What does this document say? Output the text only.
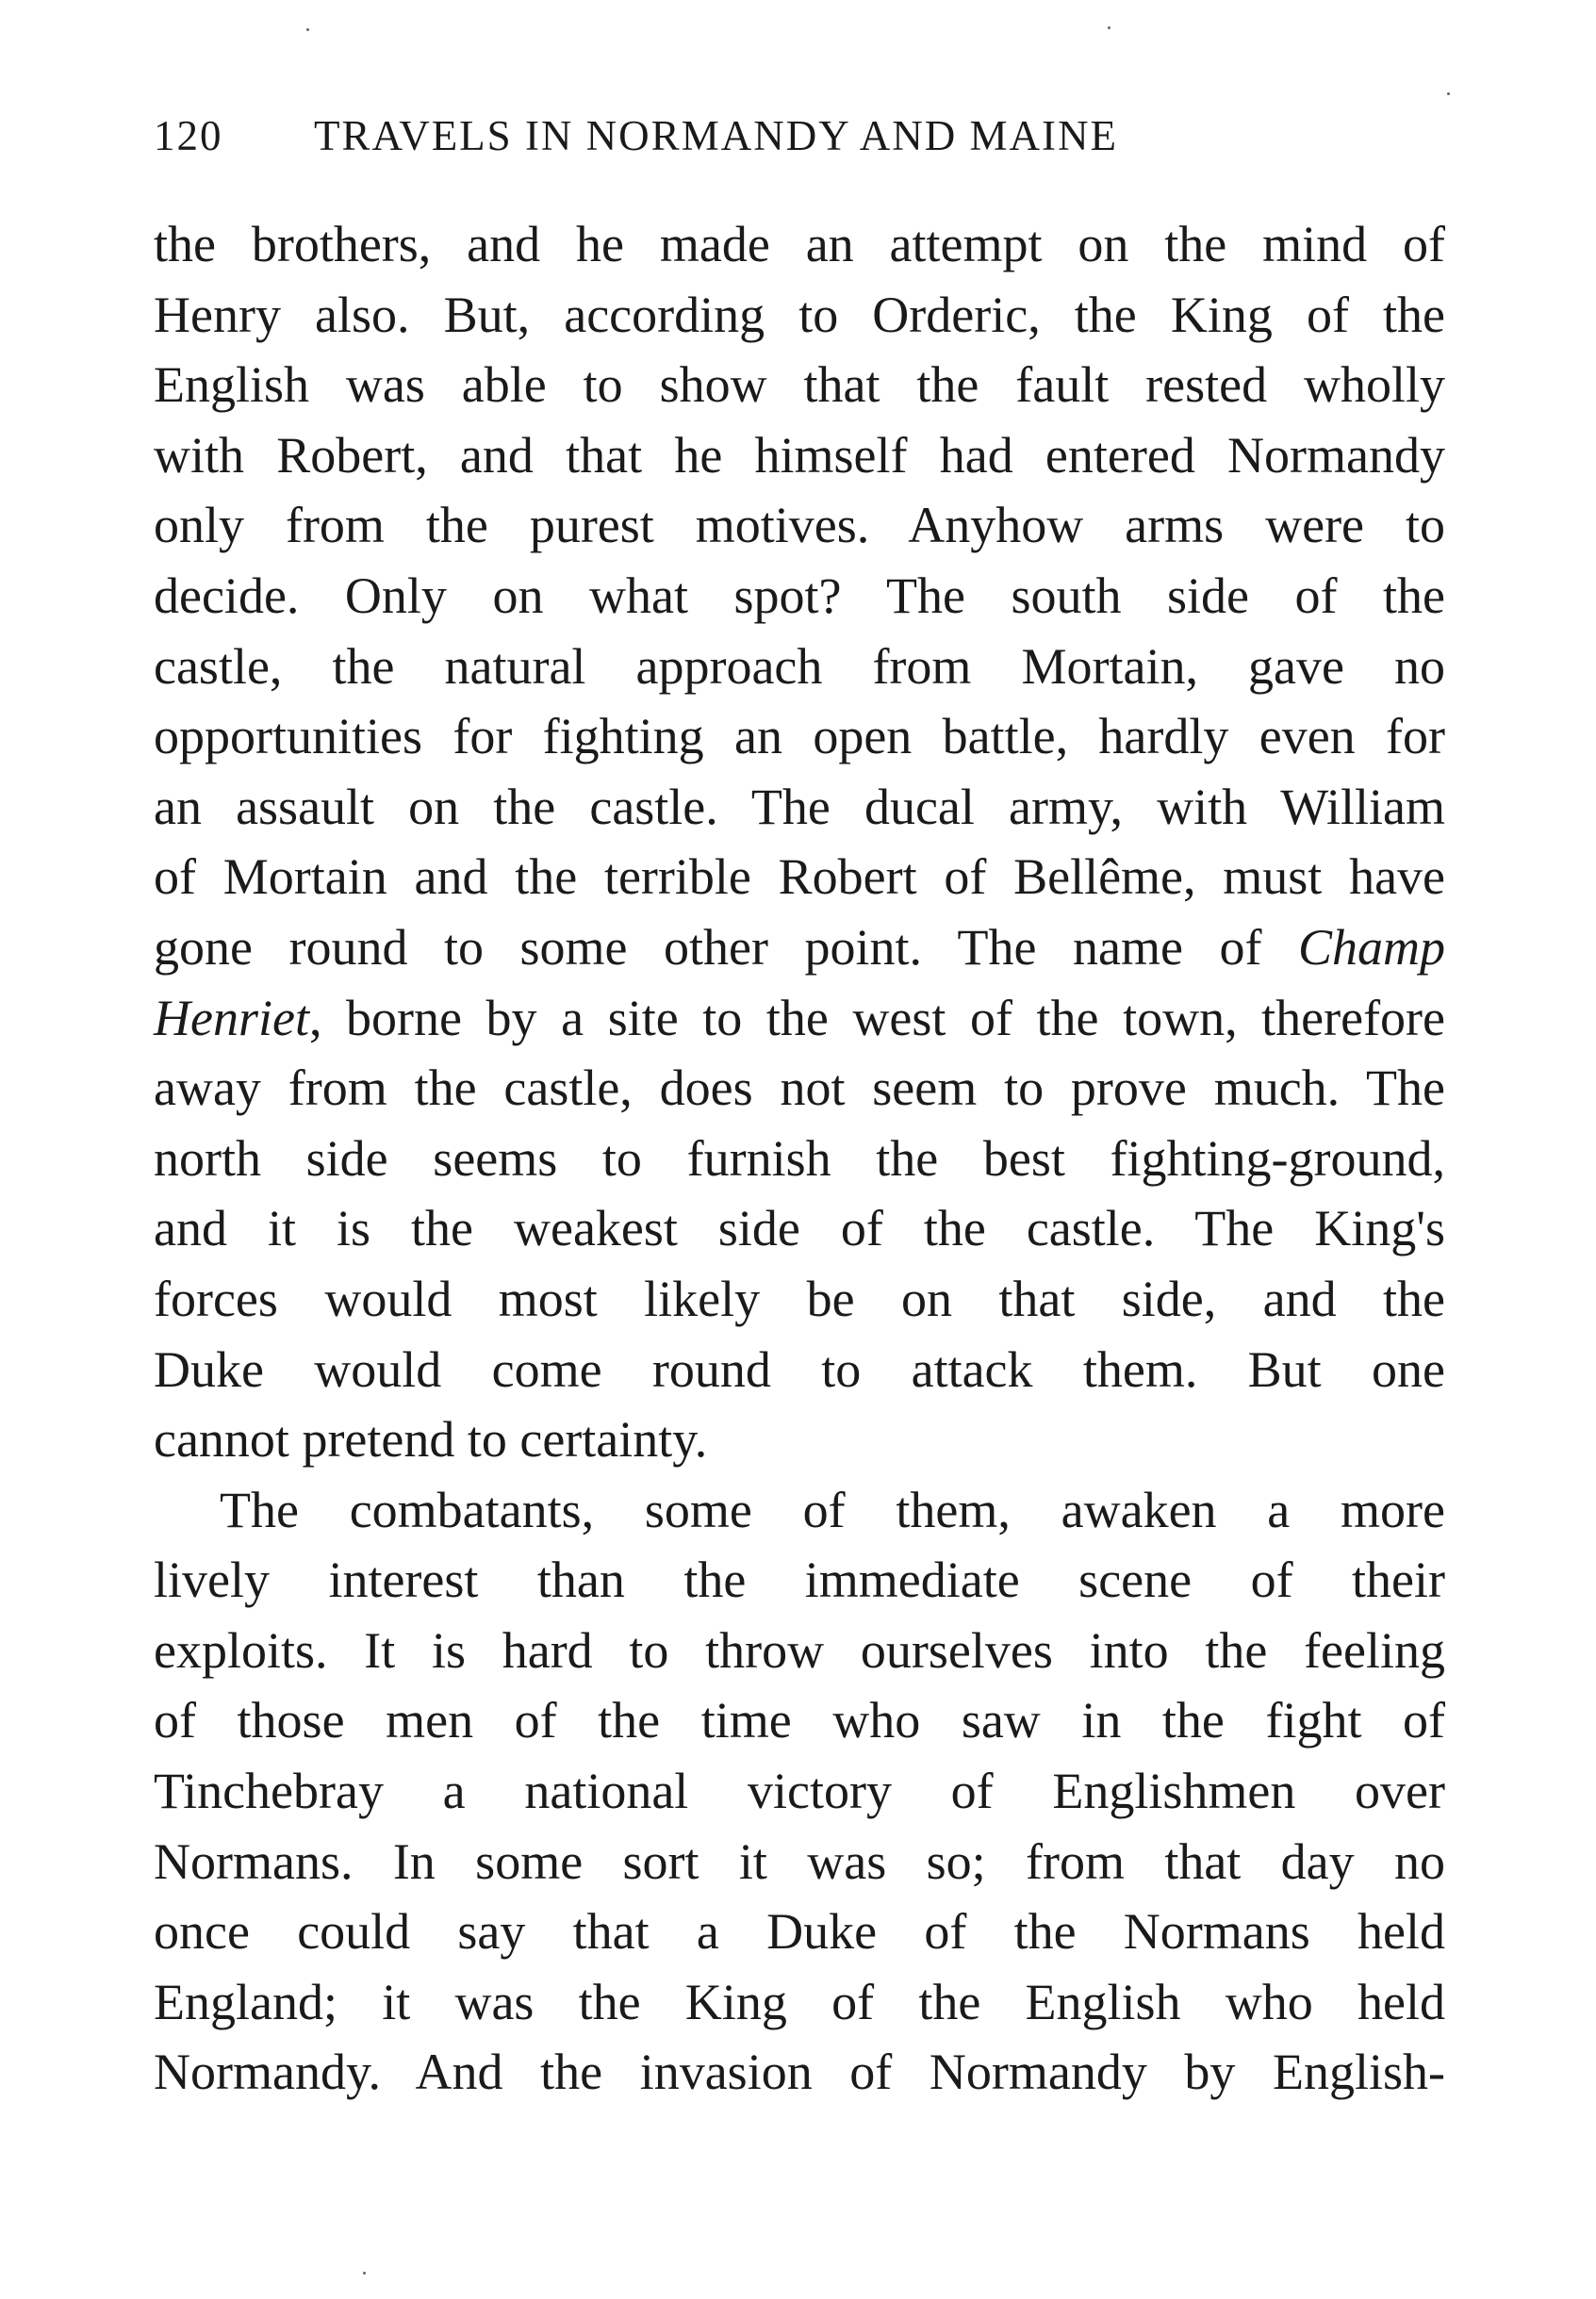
120 TRAVELS IN NORMANDY AND MAINE
the brothers, and he made an attempt on the mind of
Henry also. But, according to Orderic, the King of the
English was able to show that the fault rested wholly
with Robert, and that he himself had entered Normandy
only from the purest motives. Anyhow arms were to
decide. Only on what spot? The south side of the
castle, the natural approach from Mortain, gave no
opportunities for fighting an open battle, hardly even for
an assault on the castle. The ducal army, with William
of Mortain and the terrible Robert of Bellême, must have
gone round to some other point. The name of Champ
Henriet, borne by a site to the west of the town, therefore
away from the castle, does not seem to prove much. The
north side seems to furnish the best fighting-ground,
and it is the weakest side of the castle. The King's
forces would most likely be on that side, and the
Duke would come round to attack them. But one
cannot pretend to certainty.
The combatants, some of them, awaken a more
lively interest than the immediate scene of their
exploits. It is hard to throw ourselves into the feeling
of those men of the time who saw in the fight of
Tinchebray a national victory of Englishmen over
Normans. In some sort it was so; from that day no
once could say that a Duke of the Normans held
England; it was the King of the English who held
Normandy. And the invasion of Normandy by English-
